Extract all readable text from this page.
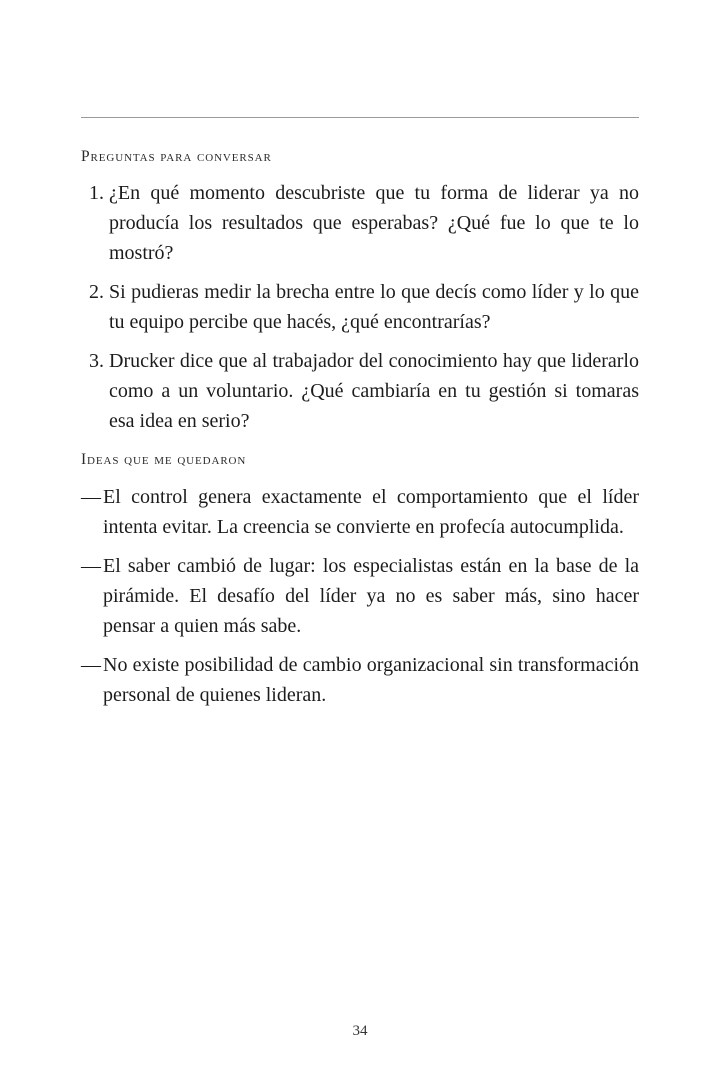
Preguntas para conversar
1. ¿En qué momento descubriste que tu forma de liderar ya no producía los resultados que esperabas? ¿Qué fue lo que te lo mostró?
2. Si pudieras medir la brecha entre lo que decís como líder y lo que tu equipo percibe que hacés, ¿qué encontrarías?
3. Drucker dice que al trabajador del conocimiento hay que liderarlo como a un voluntario. ¿Qué cambiaría en tu gestión si tomaras esa idea en serio?
Ideas que me quedaron
— El control genera exactamente el comportamiento que el líder intenta evitar. La creencia se convierte en profecía autocumplida.
— El saber cambió de lugar: los especialistas están en la base de la pirámide. El desafío del líder ya no es saber más, sino hacer pensar a quien más sabe.
— No existe posibilidad de cambio organizacional sin transformación personal de quienes lideran.
34
